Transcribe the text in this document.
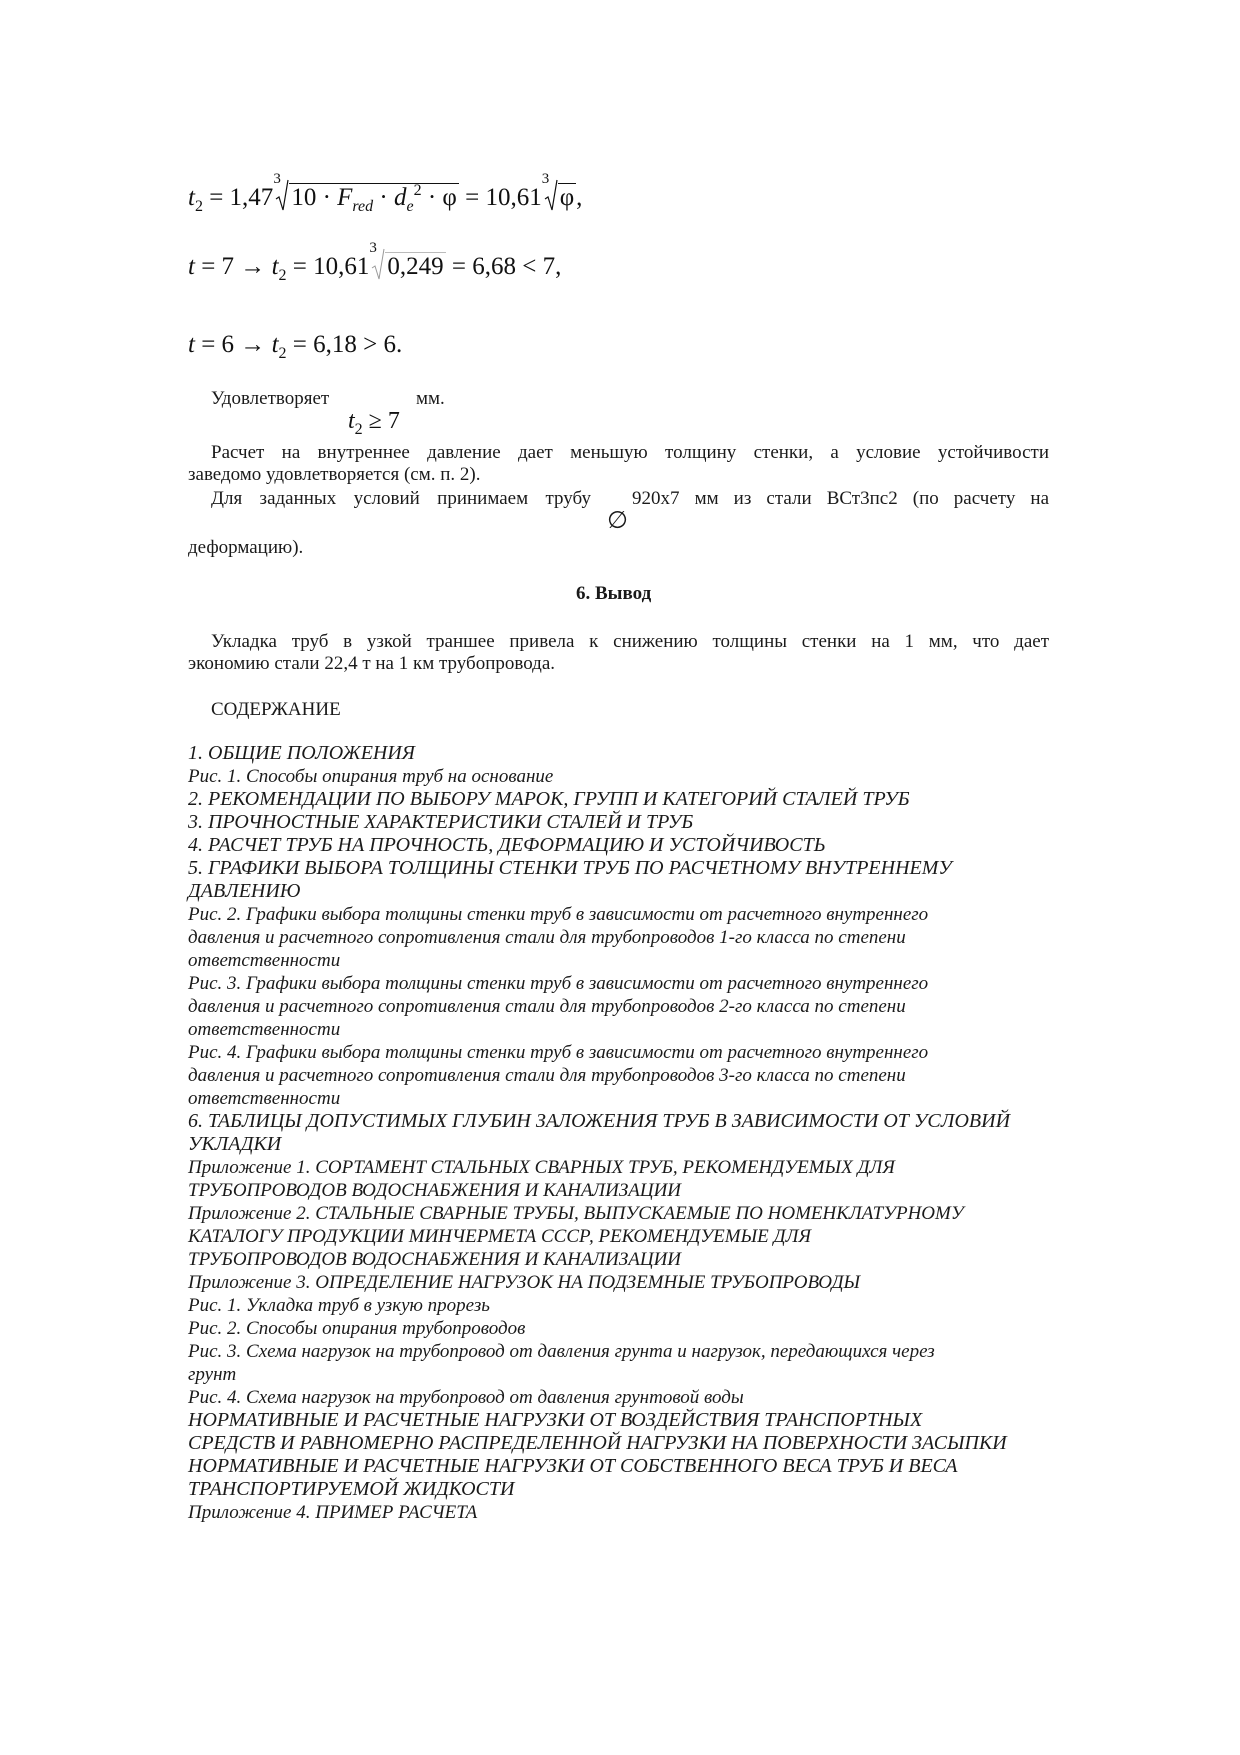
$t_2 = 1,47$
3
$10 \cdot F_{red} \cdot d_e^2 \cdot \varphi = 10,61$
3
φ,
$t = 7 \to t_2 = 10,61$
3
0,249 = 6,68 < 7,
$t = 6 \to t_2 = 6,18 > 6$.
Удовлетворяет	мм.
$t_2 \ge 7$
Расчет на внутреннее давление дает меньшую толщину стенки, а условие устойчивости
заведомо удовлетворяется (см. п. 2).
Для заданных условий принимаем трубу
∅
920x7 мм из стали ВСт3пс2 (по расчету на
деформацию).
6. Вывод
Укладка труб в узкой траншее привела к снижению толщины стенки на 1 мм, что дает
экономию стали 22,4 т на 1 км трубопровода.
СОДЕРЖАНИЕ
1. ОБЩИЕ ПОЛОЖЕНИЯ
Рис. 1. Способы опирания труб на основание
2. РЕКОМЕНДАЦИИ ПО ВЫБОРУ МАРОК, ГРУПП И КАТЕГОРИЙ СТАЛЕЙ ТРУБ
3. ПРОЧНОСТНЫЕ ХАРАКТЕРИСТИКИ СТАЛЕЙ И ТРУБ
4. РАСЧЕТ ТРУБ НА ПРОЧНОСТЬ, ДЕФОРМАЦИЮ И УСТОЙЧИВОСТЬ
5. ГРАФИКИ ВЫБОРА ТОЛЩИНЫ СТЕНКИ ТРУБ ПО РАСЧЕТНОМУ ВНУТРЕННЕМУ
ДАВЛЕНИЮ
Рис. 2. Графики выбора толщины стенки труб в зависимости от расчетного внутреннего
давления и расчетного сопротивления стали для трубопроводов 1-го класса по степени
ответственности
Рис. 3. Графики выбора толщины стенки труб в зависимости от расчетного внутреннего
давления и расчетного сопротивления стали для трубопроводов 2-го класса по степени
ответственности
Рис. 4. Графики выбора толщины стенки труб в зависимости от расчетного внутреннего
давления и расчетного сопротивления стали для трубопроводов 3-го класса по степени
ответственности
6. ТАБЛИЦЫ ДОПУСТИМЫХ ГЛУБИН ЗАЛОЖЕНИЯ ТРУБ В ЗАВИСИМОСТИ ОТ УСЛОВИЙ
УКЛАДКИ
Приложение 1. СОРТАМЕНТ СТАЛЬНЫХ СВАРНЫХ ТРУБ, РЕКОМЕНДУЕМЫХ ДЛЯ
ТРУБОПРОВОДОВ ВОДОСНАБЖЕНИЯ И КАНАЛИЗАЦИИ
Приложение 2. СТАЛЬНЫЕ СВАРНЫЕ ТРУБЫ, ВЫПУСКАЕМЫЕ ПО НОМЕНКЛАТУРНОМУ
КАТАЛОГУ ПРОДУКЦИИ МИНЧЕРМЕТА СССР, РЕКОМЕНДУЕМЫЕ ДЛЯ
ТРУБОПРОВОДОВ ВОДОСНАБЖЕНИЯ И КАНАЛИЗАЦИИ
Приложение 3. ОПРЕДЕЛЕНИЕ НАГРУЗОК НА ПОДЗЕМНЫЕ ТРУБОПРОВОДЫ
Рис. 1. Укладка труб в узкую прорезь
Рис. 2. Способы опирания трубопроводов
Рис. 3. Схема нагрузок на трубопровод от давления грунта и нагрузок, передающихся через
грунт
Рис. 4. Схема нагрузок на трубопровод от давления грунтовой воды
НОРМАТИВНЫЕ И РАСЧЕТНЫЕ НАГРУЗКИ ОТ ВОЗДЕЙСТВИЯ ТРАНСПОРТНЫХ
СРЕДСТВ И РАВНОМЕРНО РАСПРЕДЕЛЕННОЙ НАГРУЗКИ НА ПОВЕРХНОСТИ ЗАСЫПКИ
НОРМАТИВНЫЕ И РАСЧЕТНЫЕ НАГРУЗКИ ОТ СОБСТВЕННОГО ВЕСА ТРУБ И ВЕСА
ТРАНСПОРТИРУЕМОЙ ЖИДКОСТИ
Приложение 4. ПРИМЕР РАСЧЕТА
